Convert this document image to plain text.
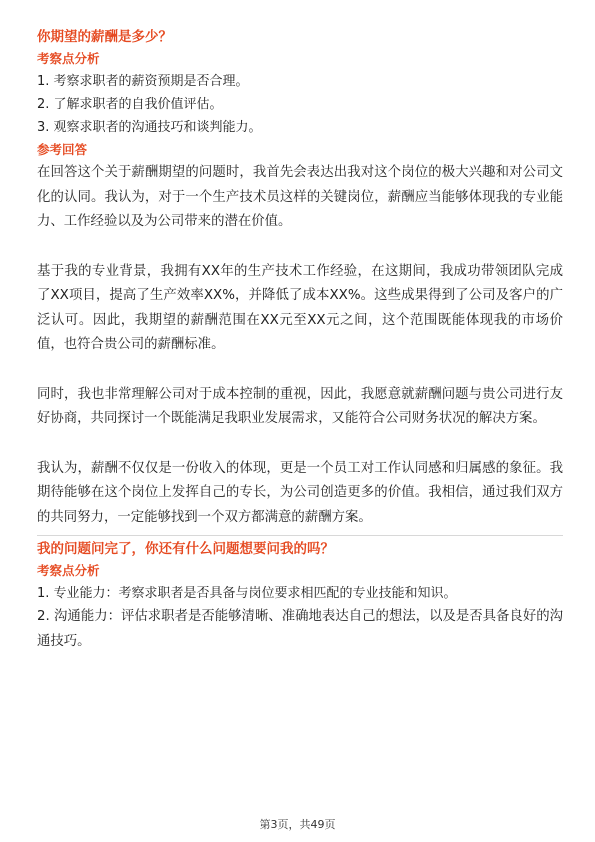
你期望的薪酬是多少？

考察点分析

1. 考察求职者的薪资预期是否合理。

2. 了解求职者的自我价值评估。

3. 观察求职者的沟通技巧和谈判能力。

参考回答

在回答这个关于薪酬期望的问题时，我首先会表达出我对这个岗位的极大兴趣和对公司文化的认同。我认为，对于一个生产技术员这样的关键岗位，薪酬应当能够体现我的专业能力、工作经验以及为公司带来的潜在价值。

基于我的专业背景，我拥有XX年的生产技术工作经验，在这期间，我成功带领团队完成了XX项目，提高了生产效率XX%，并降低了成本XX%。这些成果得到了公司及客户的广泛认可。因此，我期望的薪酬范围在XX元至XX元之间，这个范围既能体现我的市场价值，也符合贵公司的薪酬标准。

同时，我也非常理解公司对于成本控制的重视，因此，我愿意就薪酬问题与贵公司进行友好协商，共同探讨一个既能满足我职业发展需求，又能符合公司财务状况的解决方案。

我认为，薪酬不仅仅是一份收入的体现，更是一个员工对工作认同感和归属感的象征。我期待能够在这个岗位上发挥自己的专长，为公司创造更多的价值。我相信，通过我们双方的共同努力，一定能够找到一个双方都满意的薪酬方案。

我的问题问完了，你还有什么问题想要问我的吗？

考察点分析

1. 专业能力：考察求职者是否具备与岗位要求相匹配的专业技能和知识。

2. 沟通能力：评估求职者是否能够清晰、准确地表达自己的想法，以及是否具备良好的沟通技巧。

第3页，共49页
